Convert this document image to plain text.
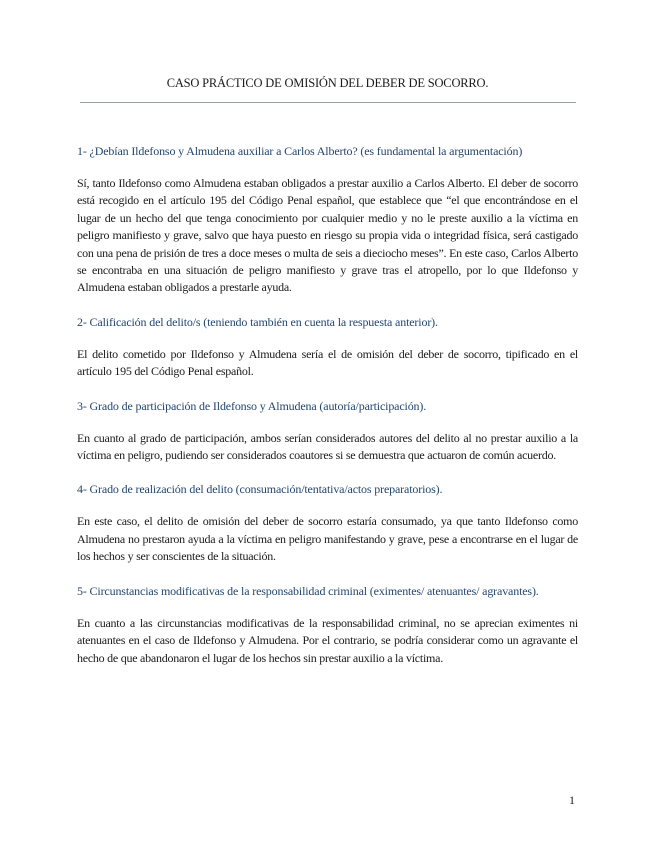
CASO PRÁCTICO DE OMISIÓN DEL DEBER DE SOCORRO.

1- ¿Debían Ildefonso y Almudena auxiliar a Carlos Alberto? (es fundamental la argumentación)

Sí, tanto Ildefonso como Almudena estaban obligados a prestar auxilio a Carlos Alberto. El deber de socorro está recogido en el artículo 195 del Código Penal español, que establece que “el que encontrándose en el lugar de un hecho del que tenga conocimiento por cualquier medio y no le preste auxilio a la víctima en peligro manifiesto y grave, salvo que haya puesto en riesgo su propia vida o integridad física, será castigado con una pena de prisión de tres a doce meses o multa de seis a dieciocho meses”. En este caso, Carlos Alberto se encontraba en una situación de peligro manifiesto y grave tras el atropello, por lo que Ildefonso y Almudena estaban obligados a prestarle ayuda.

2- Calificación del delito/s (teniendo también en cuenta la respuesta anterior).

El delito cometido por Ildefonso y Almudena sería el de omisión del deber de socorro, tipificado en el artículo 195 del Código Penal español.

3- Grado de participación de Ildefonso y Almudena (autoría/participación).

En cuanto al grado de participación, ambos serían considerados autores del delito al no prestar auxilio a la víctima en peligro, pudiendo ser considerados coautores si se demuestra que actuaron de común acuerdo.

4- Grado de realización del delito (consumación/tentativa/actos preparatorios).

En este caso, el delito de omisión del deber de socorro estaría consumado, ya que tanto Ildefonso como Almudena no prestaron ayuda a la víctima en peligro manifestando y grave, pese a encontrarse en el lugar de los hechos y ser conscientes de la situación.

5- Circunstancias modificativas de la responsabilidad criminal (eximentes/ atenuantes/ agravantes).

En cuanto a las circunstancias modificativas de la responsabilidad criminal, no se aprecian eximentes ni atenuantes en el caso de Ildefonso y Almudena. Por el contrario, se podría considerar como un agravante el hecho de que abandonaron el lugar de los hechos sin prestar auxilio a la víctima.

1
